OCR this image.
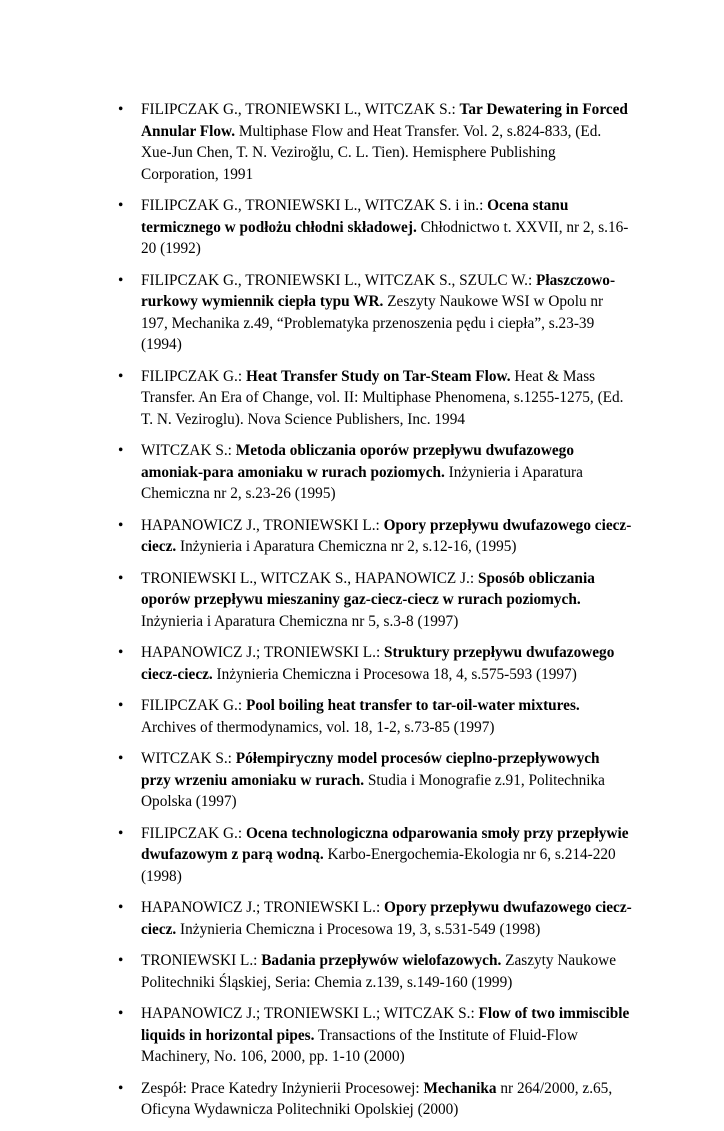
• FILIPCZAK G., TRONIEWSKI L., WITCZAK S.: Tar Dewatering in Forced Annular Flow. Multiphase Flow and Heat Transfer. Vol. 2, s.824-833, (Ed. Xue-Jun Chen, T. N. Veziroğlu, C. L. Tien). Hemisphere Publishing Corporation, 1991
• FILIPCZAK G., TRONIEWSKI L., WITCZAK S. i in.: Ocena stanu termicznego w podłożu chłodni składowej. Chłodnictwo t. XXVII, nr 2, s.16-20 (1992)
• FILIPCZAK G., TRONIEWSKI L., WITCZAK S., SZULC W.: Płaszczowo-rurkowy wymiennik ciepła typu WR. Zeszyty Naukowe WSI w Opolu nr 197, Mechanika z.49, “Problematyka przenoszenia pędu i ciepła”, s.23-39 (1994)
• FILIPCZAK G.: Heat Transfer Study on Tar-Steam Flow. Heat & Mass Transfer. An Era of Change, vol. II: Multiphase Phenomena, s.1255-1275, (Ed. T. N. Veziroglu). Nova Science Publishers, Inc. 1994
• WITCZAK S.: Metoda obliczania oporów przepływu dwufazowego amoniak-para amoniaku w rurach poziomych. Inżynieria i Aparatura Chemiczna nr 2, s.23-26 (1995)
• HAPANOWICZ J., TRONIEWSKI L.: Opory przepływu dwufazowego ciecz-ciecz. Inżynieria i Aparatura Chemiczna nr 2, s.12-16, (1995)
• TRONIEWSKI L., WITCZAK S., HAPANOWICZ J.: Sposób obliczania oporów przepływu mieszaniny gaz-ciecz-ciecz w rurach poziomych. Inżynieria i Aparatura Chemiczna nr 5, s.3-8 (1997)
• HAPANOWICZ J.; TRONIEWSKI L.: Struktury przepływu dwufazowego ciecz-ciecz. Inżynieria Chemiczna i Procesowa 18, 4, s.575-593 (1997)
• FILIPCZAK G.: Pool boiling heat transfer to tar-oil-water mixtures. Archives of thermodynamics, vol. 18, 1-2, s.73-85 (1997)
• WITCZAK S.: Półempiryczny model procesów cieplno-przepływowych przy wrzeniu amoniaku w rurach. Studia i Monografie z.91, Politechnika Opolska (1997)
• FILIPCZAK G.: Ocena technologiczna odparowania smoły przy przepływie dwufazowym z parą wodną. Karbo-Energochemia-Ekologia nr 6, s.214-220 (1998)
• HAPANOWICZ J.; TRONIEWSKI L.: Opory przepływu dwufazowego ciecz-ciecz. Inżynieria Chemiczna i Procesowa 19, 3, s.531-549 (1998)
• TRONIEWSKI L.: Badania przepływów wielofazowych. Zaszyty Naukowe Politechniki Śląskiej, Seria: Chemia z.139, s.149-160 (1999)
• HAPANOWICZ J.; TRONIEWSKI L.; WITCZAK S.: Flow of two immiscible liquids in horizontal pipes. Transactions of the Institute of Fluid-Flow Machinery, No. 106, 2000, pp. 1-10 (2000)
• Zespół: Prace Katedry Inżynierii Procesowej: Mechanika nr 264/2000, z.65, Oficyna Wydawnicza Politechniki Opolskiej (2000)
